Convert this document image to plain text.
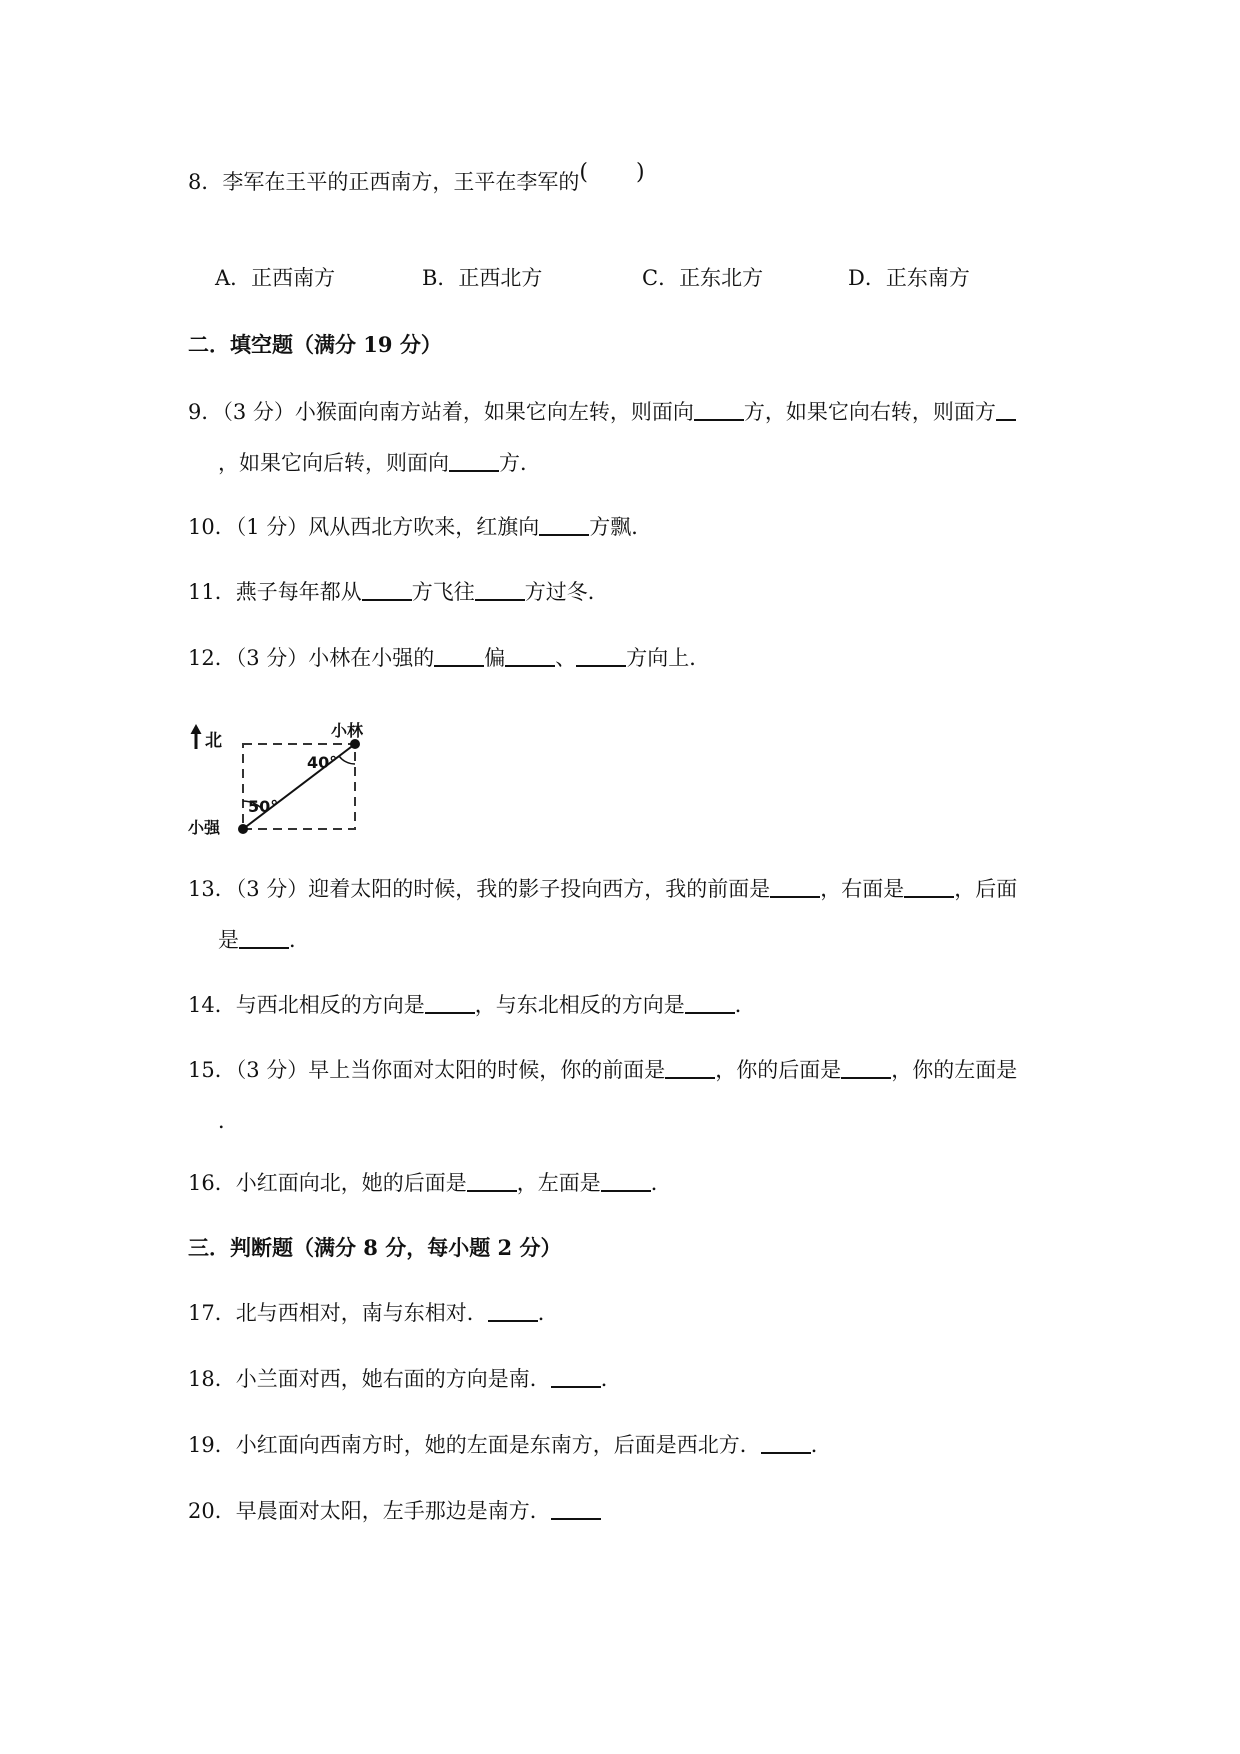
8．李军在王平的正西南方，王平在李军的( )
A．正西南方	B．正西北方	C．正东北方	D．正东南方
二．填空题（满分 19 分）
9．（3 分）小猴面向南方站着，如果它向左转，则面向 方，如果它向右转，则面方
，如果它向后转，则面向 方．
10．（1 分）风从西北方吹来，红旗向 方飘．
11．燕子每年都从 方飞往 方过冬．
12．（3 分）小林在小强的 偏 、 方向上．
北
小林
小强
40°
50°
13．（3 分）迎着太阳的时候，我的影子投向西方，我的前面是 ，右面是 ，后面
是 ．
14．与西北相反的方向是 ，与东北相反的方向是 ．
15．（3 分）早上当你面对太阳的时候，你的前面是 ，你的后面是 ，你的左面是
．
16．小红面向北，她的后面是 ，左面是 ．
三．判断题（满分 8 分，每小题 2 分）
17．北与西相对，南与东相对． ．
18．小兰面对西，她右面的方向是南． ．
19．小红面向西南方时，她的左面是东南方，后面是西北方． ．
20．早晨面对太阳，左手那边是南方．
